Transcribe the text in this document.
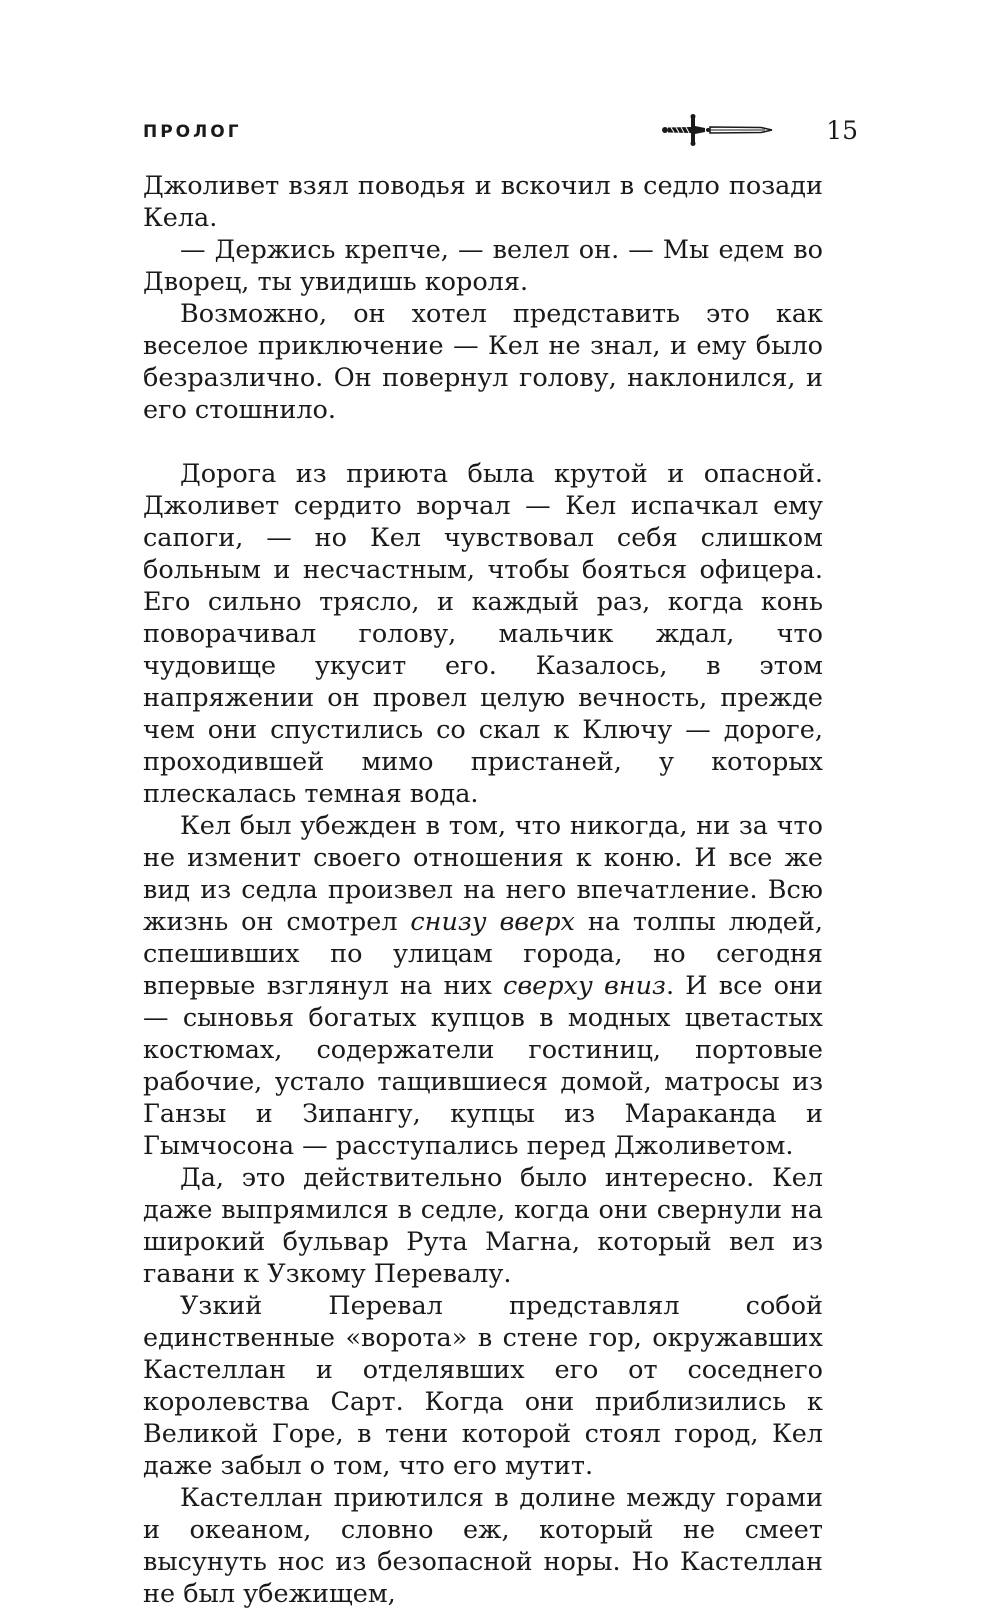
ПРОЛОГ	15

Джоливет взял поводья и вскочил в седло позади Кела.

— Держись крепче, — велел он. — Мы едем во Дворец, ты увидишь короля.

Возможно, он хотел представить это как веселое приключение — Кел не знал, и ему было безразлично. Он повернул голову, наклонился, и его стошнило.

Дорога из приюта была крутой и опасной. Джоливет сердито ворчал — Кел испачкал ему сапоги, — но Кел чувствовал себя слишком больным и несчастным, чтобы бояться офицера. Его сильно трясло, и каждый раз, когда конь поворачивал голову, мальчик ждал, что чудовище укусит его. Казалось, в этом напряжении он провел целую вечность, прежде чем они спустились со скал к Ключу — дороге, проходившей мимо пристаней, у которых плескалась темная вода.

Кел был убежден в том, что никогда, ни за что не изменит своего отношения к коню. И все же вид из седла произвел на него впечатление. Всю жизнь он смотрел снизу вверх на толпы людей, спешивших по улицам города, но сегодня впервые взглянул на них сверху вниз. И все они — сыновья богатых купцов в модных цветастых костюмах, содержатели гостиниц, портовые рабочие, устало тащившиеся домой, матросы из Ганзы и Зипангу, купцы из Мараканда и Гымчосона — расступались перед Джоливетом.

Да, это действительно было интересно. Кел даже выпрямился в седле, когда они свернули на широкий бульвар Рута Магна, который вел из гавани к Узкому Перевалу.

Узкий Перевал представлял собой единственные «ворота» в стене гор, окружавших Кастеллан и отделявших его от соседнего королевства Сарт. Когда они приблизились к Великой Горе, в тени которой стоял город, Кел даже забыл о том, что его мутит.

Кастеллан приютился в долине между горами и океаном, словно еж, который не смеет высунуть нос из безопасной норы. Но Кастеллан не был убежищем,
